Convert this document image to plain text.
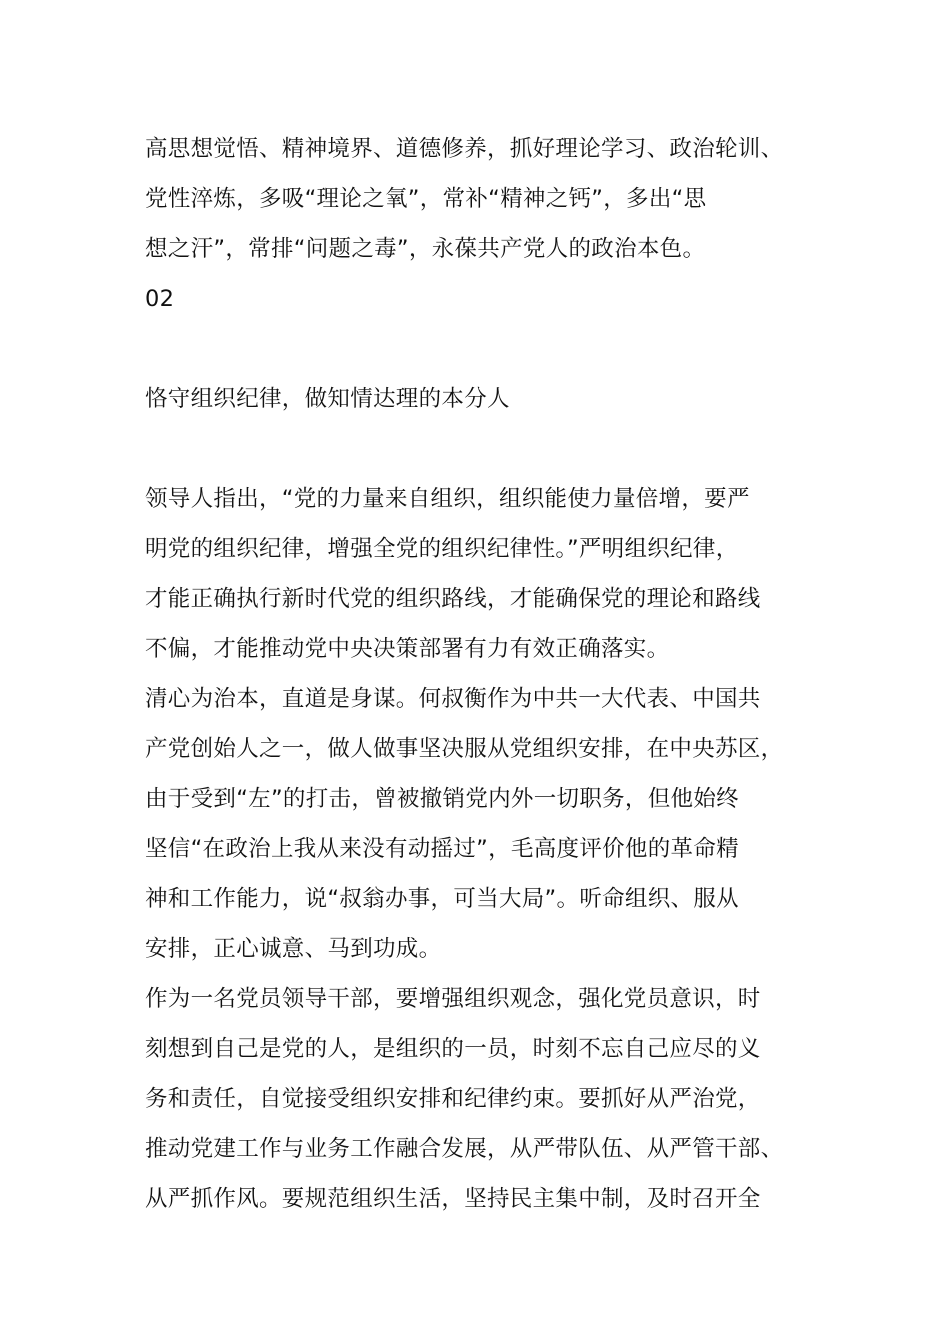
高思想觉悟、精神境界、道德修养，抓好理论学习、政治轮训、
党性淬炼，多吸“理论之氧”，常补“精神之钙”，多出“思
想之汗”，常排“问题之毒”，永葆共产党人的政治本色。
02
恪守组织纪律，做知情达理的本分人
领导人指出，“党的力量来自组织，组织能使力量倍增，要严
明党的组织纪律，增强全党的组织纪律性。”严明组织纪律，
才能正确执行新时代党的组织路线，才能确保党的理论和路线
不偏，才能推动党中央决策部署有力有效正确落实。
清心为治本，直道是身谋。何叔衡作为中共一大代表、中国共
产党创始人之一，做人做事坚决服从党组织安排，在中央苏区，
由于受到“左”的打击，曾被撤销党内外一切职务，但他始终
坚信“在政治上我从来没有动摇过”，毛高度评价他的革命精
神和工作能力，说“叔翁办事，可当大局”。听命组织、服从
安排，正心诚意、马到功成。
作为一名党员领导干部，要增强组织观念，强化党员意识，时
刻想到自己是党的人，是组织的一员，时刻不忘自己应尽的义
务和责任，自觉接受组织安排和纪律约束。要抓好从严治党，
推动党建工作与业务工作融合发展，从严带队伍、从严管干部、
从严抓作风。要规范组织生活，坚持民主集中制，及时召开全
